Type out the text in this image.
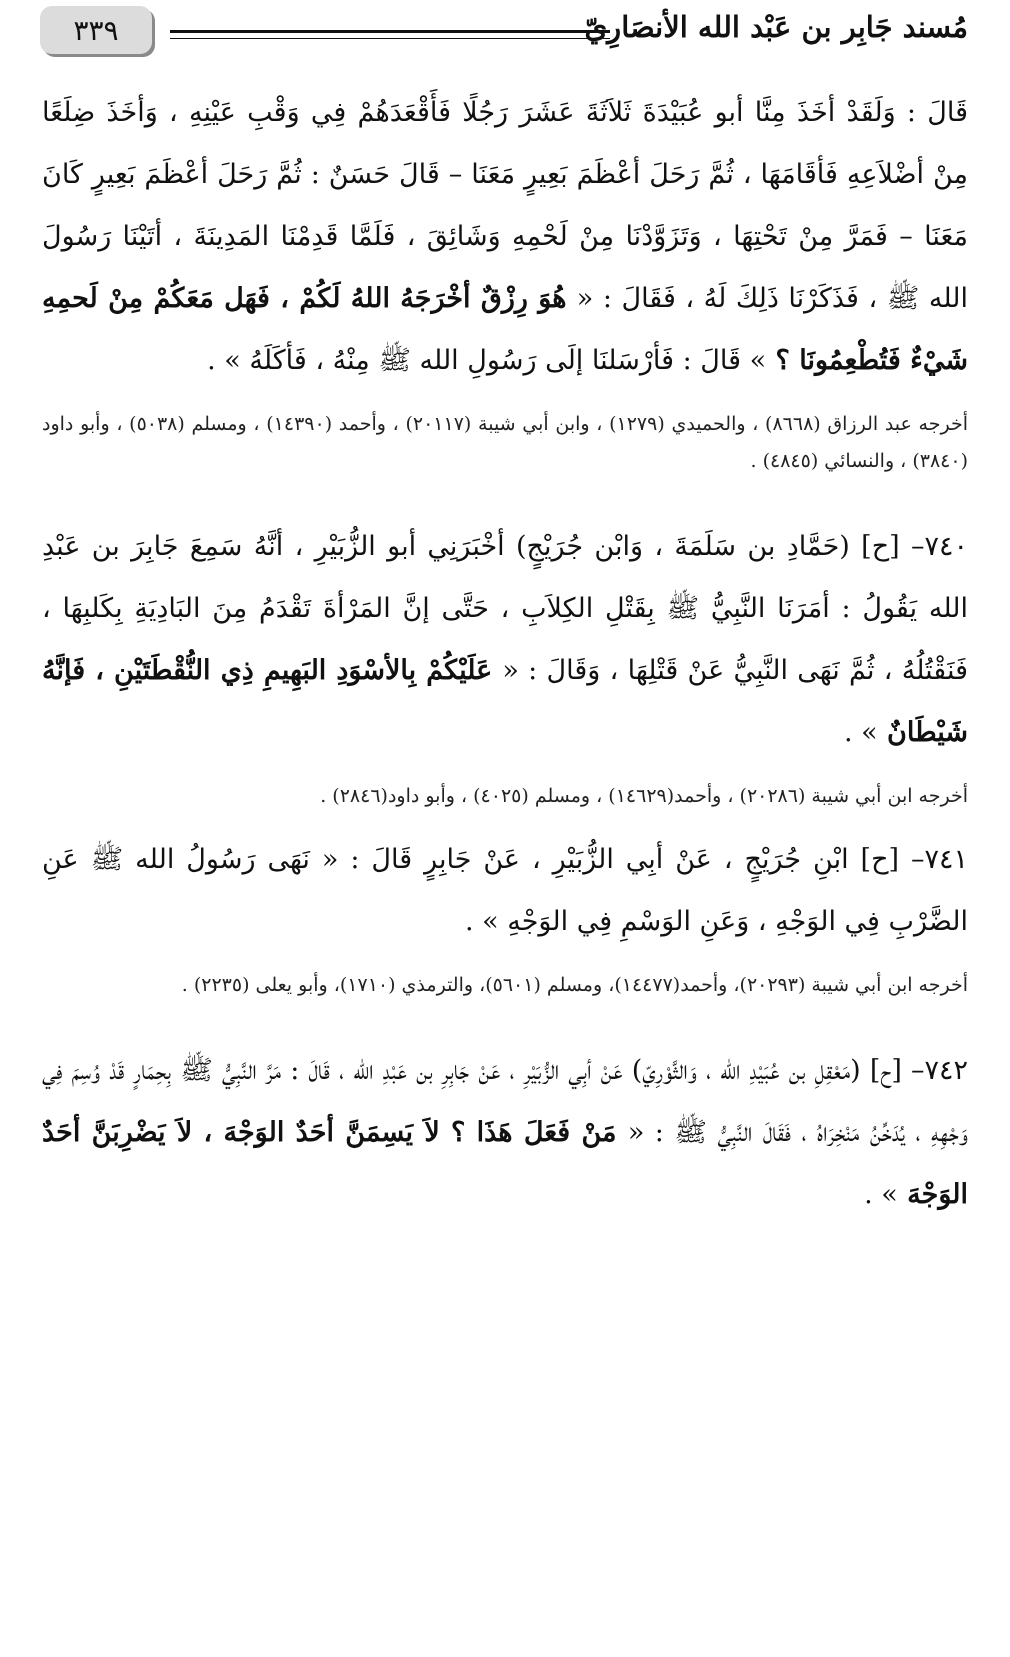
٣٣٩	مُسند جَابِر بن عَبْد الله الأنصَارِيّ

قَالَ : وَلَقَدْ أخَذَ مِنَّا أبو عُبَيْدَةَ ثَلاَثَةَ عَشَرَ رَجُلًا فَأَقْعَدَهُمْ فِي وَقْبِ عَيْنِهِ ، وَأخَذَ ضِلَعًا مِنْ أضْلاَعِهِ فَأقَامَهَا ، ثُمَّ رَحَلَ أعْظَمَ بَعِيرٍ مَعَنَا – قَالَ حَسَنٌ : ثُمَّ رَحَلَ أعْظَمَ بَعِيرٍ كَانَ مَعَنَا – فَمَرَّ مِنْ تَحْتِهَا ، وَتَزَوَّدْنَا مِنْ لَحْمِهِ وَشَائِقَ ، فَلَمَّا قَدِمْنَا المَدِينَةَ ، أتَيْنَا رَسُولَ الله ﷺ ، فَذَكَرْنَا ذَلِكَ لَهُ ، فَقَالَ : « هُوَ رِزْقٌ أخْرَجَهُ اللهُ لَكُمْ ، فَهَل مَعَكُمْ مِنْ لَحمِهِ شَيْءٌ فَتُطْعِمُونَا ؟ » قَالَ : فَأرْسَلنَا إلَى رَسُولِ الله ﷺ مِنْهُ ، فَأكَلَهُ » .

أخرجه عبد الرزاق (٨٦٦٨) ، والحميدي (١٢٧٩) ، وابن أبي شيبة (٢٠١١٧) ، وأحمد (١٤٣٩٠) ، ومسلم (٥٠٣٨) ، وأبو داود (٣٨٤٠) ، والنسائي (٤٨٤٥) .

٧٤٠– [ح] (حَمَّادِ بن سَلَمَةَ ، وَابْن جُرَيْجٍ) أخْبَرَنِي أبو الزُّبَيْرِ ، أنَّهُ سَمِعَ جَابِرَ بن عَبْدِ الله يَقُولُ : أمَرَنَا النَّبِيُّ ﷺ بِقَتْلِ الكِلاَبِ ، حَتَّى إنَّ المَرْأةَ تَقْدَمُ مِنَ البَادِيَةِ بِكَلبِهَا ، فَنَقْتُلُهُ ، ثُمَّ نَهَى النَّبِيُّ عَنْ قَتْلِهَا ، وَقَالَ : « عَلَيْكُمْ بِالأسْوَدِ البَهِيمِ ذِي النُّقْطَتَيْنِ ، فَإنَّهُ شَيْطَانٌ » .

أخرجه ابن أبي شيبة (٢٠٢٨٦) ، وأحمد(١٤٦٢٩) ، ومسلم (٤٠٢٥) ، وأبو داود(٢٨٤٦) .

٧٤١– [ح] ابْنِ جُرَيْجٍ ، عَنْ أبِي الزُّبَيْرِ ، عَنْ جَابِرٍ قَالَ : « نَهَى رَسُولُ الله ﷺ عَنِ الضَّرْبِ فِي الوَجْهِ ، وَعَنِ الوَسْمِ فِي الوَجْهِ » .

أخرجه ابن أبي شيبة (٢٠٢٩٣)، وأحمد(١٤٤٧٧)، ومسلم (٥٦٠١)، والترمذي (١٧١٠)، وأبو يعلى (٢٢٣٥) .

٧٤٢– [ح] (مَعْقِلِ بن عُبَيْدِ الله ، وَالثَّوْرِيّ) عَنْ أبِي الزُّبَيْرِ ، عَنْ جَابِرِ بن عَبْدِ الله ، قَالَ : مَرَّ النَّبِيُّ ﷺ بِحِمَارٍ قَدْ وُسِمَ فِي وَجْهِهِ ، يُدَخِّنُ مَنْخِرَاهُ ، فَقَالَ النَّبِيُّ ﷺ : « مَنْ فَعَلَ هَذَا ؟ لاَ يَسِمَنَّ أحَدٌ الوَجْهَ ، لاَ يَضْرِبَنَّ أحَدٌ الوَجْهَ » .
